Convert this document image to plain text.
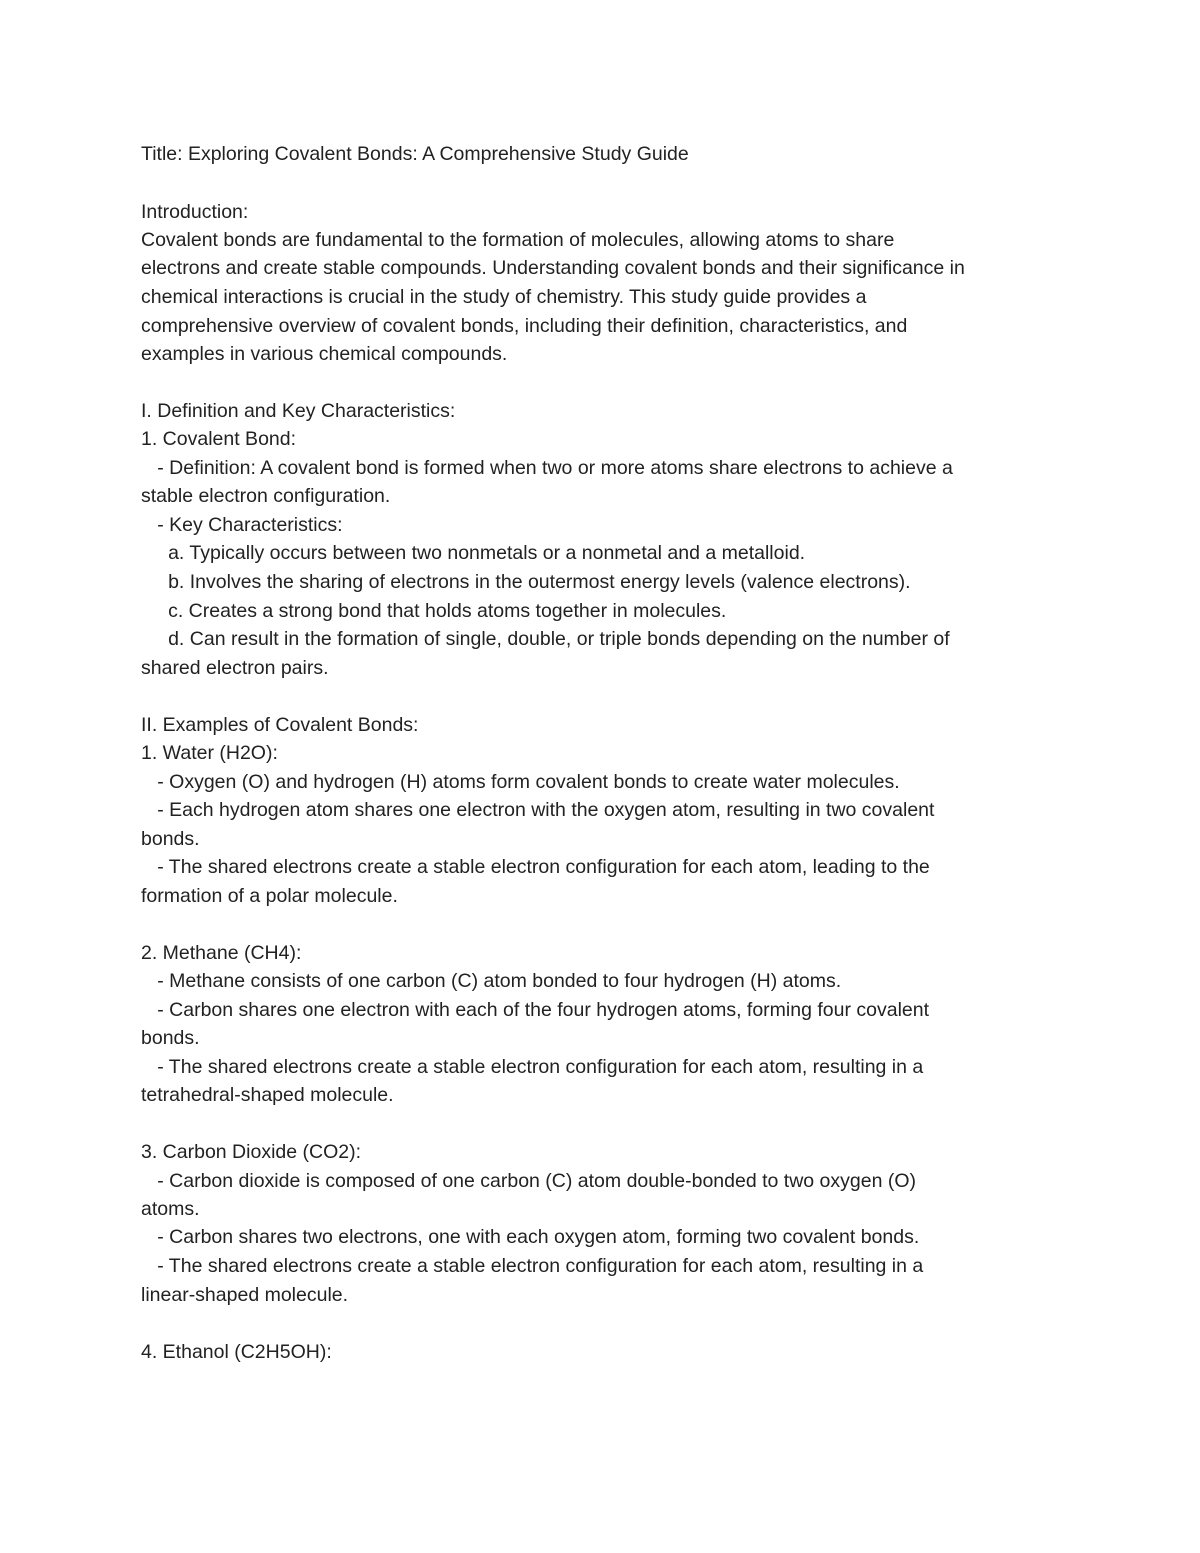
Title: Exploring Covalent Bonds: A Comprehensive Study Guide
Introduction:
Covalent bonds are fundamental to the formation of molecules, allowing atoms to share
electrons and create stable compounds. Understanding covalent bonds and their significance in
chemical interactions is crucial in the study of chemistry. This study guide provides a
comprehensive overview of covalent bonds, including their definition, characteristics, and
examples in various chemical compounds.
I. Definition and Key Characteristics:
1. Covalent Bond:
- Definition: A covalent bond is formed when two or more atoms share electrons to achieve a
stable electron configuration.
- Key Characteristics:
a. Typically occurs between two nonmetals or a nonmetal and a metalloid.
b. Involves the sharing of electrons in the outermost energy levels (valence electrons).
c. Creates a strong bond that holds atoms together in molecules.
d. Can result in the formation of single, double, or triple bonds depending on the number of
shared electron pairs.
II. Examples of Covalent Bonds:
1. Water (H2O):
- Oxygen (O) and hydrogen (H) atoms form covalent bonds to create water molecules.
- Each hydrogen atom shares one electron with the oxygen atom, resulting in two covalent
bonds.
- The shared electrons create a stable electron configuration for each atom, leading to the
formation of a polar molecule.
2. Methane (CH4):
- Methane consists of one carbon (C) atom bonded to four hydrogen (H) atoms.
- Carbon shares one electron with each of the four hydrogen atoms, forming four covalent
bonds.
- The shared electrons create a stable electron configuration for each atom, resulting in a
tetrahedral-shaped molecule.
3. Carbon Dioxide (CO2):
- Carbon dioxide is composed of one carbon (C) atom double-bonded to two oxygen (O)
atoms.
- Carbon shares two electrons, one with each oxygen atom, forming two covalent bonds.
- The shared electrons create a stable electron configuration for each atom, resulting in a
linear-shaped molecule.
4. Ethanol (C2H5OH):
